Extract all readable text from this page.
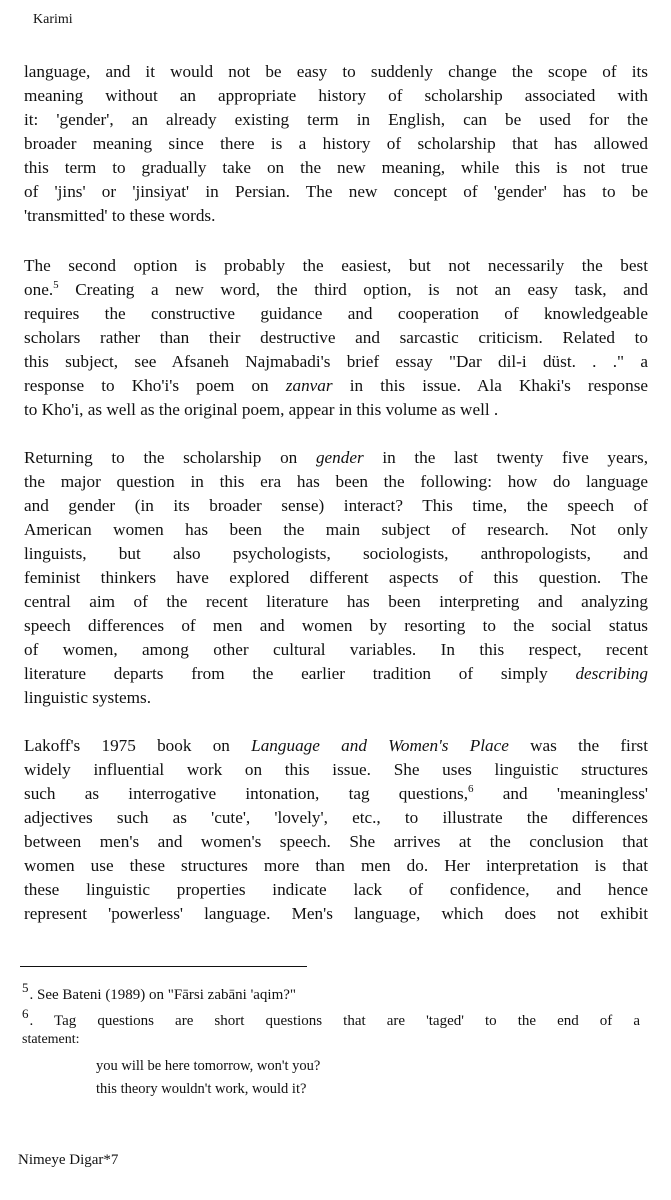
Karimi
language, and it would not be easy to suddenly change the scope of its
meaning without an appropriate history of scholarship associated with
it: 'gender', an already existing term in English, can be used for the
broader meaning since there is a history of scholarship that has allowed
this term to gradually take on the new meaning, while this is not true
of 'jins' or 'jinsiyat' in Persian. The new concept of 'gender' has to be
'transmitted' to these words.
The second option is probably the easiest, but not necessarily the best
one.$^5$ Creating a new word, the third option, is not an easy task, and
requires the constructive guidance and cooperation of knowledgeable
scholars rather than their destructive and sarcastic criticism. Related to
this subject, see Afsaneh Najmabadi's brief essay "Dar dil-i düst. . ." a
response to Kho'i's poem on zanvar in this issue. Ala Khaki's response
to Kho'i, as well as the original poem, appear in this volume as well .
Returning to the scholarship on gender in the last twenty five years,
the major question in this era has been the following: how do language
and gender (in its broader sense) interact? This time, the speech of
American women has been the main subject of research. Not only
linguists, but also psychologists, sociologists, anthropologists, and
feminist thinkers have explored different aspects of this question. The
central aim of the recent literature has been interpreting and analyzing
speech differences of men and women by resorting to the social status
of women, among other cultural variables. In this respect, recent
literature departs from the earlier tradition of simply describing
linguistic systems.
Lakoff's 1975 book on Language and Women's Place was the first
widely influential work on this issue. She uses linguistic structures
such as interrogative intonation, tag questions,$^6$ and 'meaningless'
adjectives such as 'cute', 'lovely', etc., to illustrate the differences
between men's and women's speech. She arrives at the conclusion that
women use these structures more than men do. Her interpretation is that
these linguistic properties indicate lack of confidence, and hence
represent 'powerless' language. Men's language, which does not exhibit
5. See Bateni (1989) on "Fārsi zabāni 'aqim?"
6. Tag questions are short questions that are 'taged' to the end of a
statement:
you will be here tomorrow, won't you?
this theory wouldn't work, would it?
Nimeye Digar*7
